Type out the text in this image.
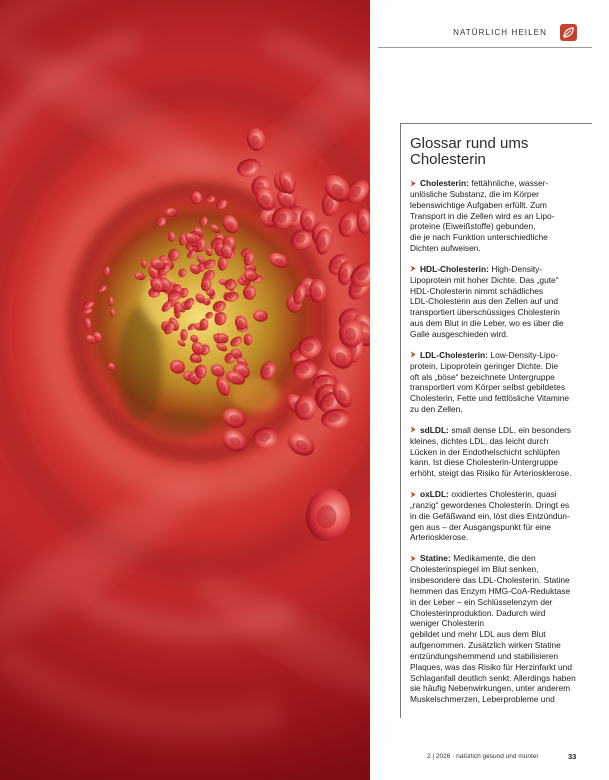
NATÜRLICH HEILEN
Glossar rund ums
Cholesterin
Cholesterin: fettähnliche, wasser-
unlösliche Substanz, die im Körper
lebenswichtige Aufgaben erfüllt. Zum
Transport in die Zellen wird es an Lipo-
proteine (Eiweißstoffe) gebunden,
die je nach Funktion unterschiedliche
Dichten aufweisen.
HDL-Cholesterin: High-Density-
Lipoprotein mit hoher Dichte. Das „gute“
HDL-Cholesterin nimmt schädliches
LDL-Cholesterin aus den Zellen auf und
transportiert überschüssiges Cholesterin
aus dem Blut in die Leber, wo es über die
Galle ausgeschieden wird.
LDL-Cholesterin: Low-Density-Lipo-
protein, Lipoprotein geringer Dichte. Die
oft als „böse“ bezeichnete Untergruppe
transportiert vom Körper selbst gebildetes
Cholesterin, Fette und fettlösliche Vitamine
zu den Zellen.
sdLDL: small dense LDL, ein besonders
kleines, dichtes LDL, das leicht durch
Lücken in der Endothelschicht schlüpfen
kann. Ist diese Cholesterin-Untergruppe
erhöht, steigt das Risiko für Arteriosklerose.
oxLDL: oxidiertes Cholesterin, quasi
„ranzig“ gewordenes Cholesterin. Dringt es
in die Gefäßwand ein, löst dies Entzündun-
gen aus – der Ausgangspunkt für eine
Arteriosklerose.
Statine: Medikamente, die den
Cholesterinspiegel im Blut senken,
insbesondere das LDL-Cholesterin. Statine
hemmen das Enzym HMG-CoA-Reduktase
in der Leber – ein Schlüsselenzym der
Cholesterinproduktion. Dadurch wird
weniger Cholesterin
gebildet und mehr LDL aus dem Blut
aufgenommen. Zusätzlich wirken Statine
entzündungshemmend und stabilisieren
Plaques, was das Risiko für Herzinfarkt und
Schlaganfall deutlich senkt. Allerdings haben
sie häufig Nebenwirkungen, unter anderem
Muskelschmerzen, Leberprobleme und
2 | 2026 · natürlich gesund und munter	33
